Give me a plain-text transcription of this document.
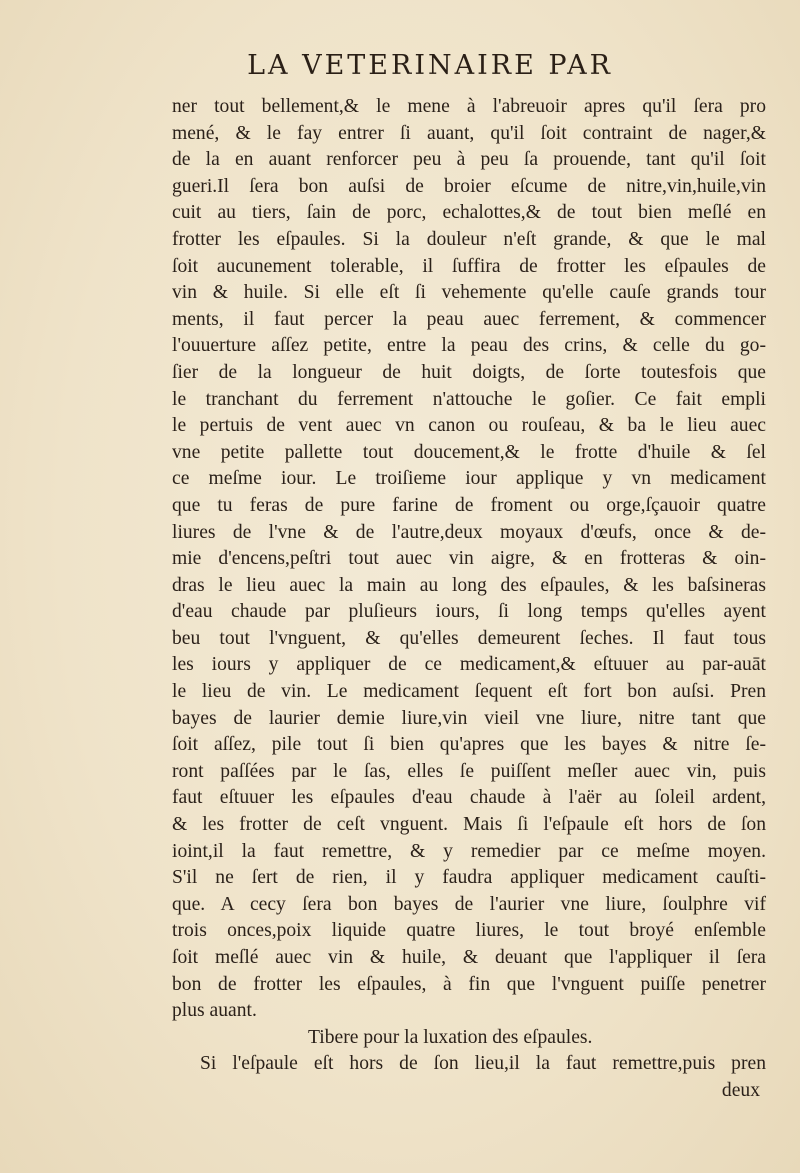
LA VETERINAIRE PAR
ner tout bellement,& le mene à l'abreuoir apres qu'il ſera pro
mené, & le fay entrer ſi auant, qu'il ſoit contraint de nager,&
de la en auant renforcer peu à peu ſa prouende, tant qu'il ſoit
gueri.Il ſera bon auſsi de broier eſcume de nitre,vin,huile,vin
cuit au tiers, ſain de porc, echalottes,& de tout bien meſlé en
frotter les eſpaules. Si la douleur n'eſt grande, & que le mal
ſoit aucunement tolerable, il ſuffira de frotter les eſpaules de
vin & huile. Si elle eſt ſi vehemente qu'elle cauſe grands tour
ments, il faut percer la peau auec ferrement, & commencer
l'ouuerture aſſez petite, entre la peau des crins, & celle du go-
ſier de la longueur de huit doigts, de ſorte toutesfois que
le tranchant du ferrement n'attouche le goſier. Ce fait empli
le pertuis de vent auec vn canon ou rouſeau, & ba le lieu auec
vne petite pallette tout doucement,& le frotte d'huile & ſel
ce meſme iour. Le troiſieme iour applique y vn medicament
que tu feras de pure farine de froment ou orge,ſçauoir quatre
liures de l'vne & de l'autre,deux moyaux d'œufs, once & de-
mie d'encens,peſtri tout auec vin aigre, & en frotteras & oin-
dras le lieu auec la main au long des eſpaules, & les baſsineras
d'eau chaude par pluſieurs iours, ſi long temps qu'elles ayent
beu tout l'vnguent, & qu'elles demeurent ſeches. Il faut tous
les iours y appliquer de ce medicament,& eſtuuer au par-auāt
le lieu de vin. Le medicament ſequent eſt fort bon auſsi. Pren
bayes de laurier demie liure,vin vieil vne liure, nitre tant que
ſoit aſſez, pile tout ſi bien qu'apres que les bayes & nitre ſe-
ront paſſées par le ſas, elles ſe puiſſent meſler auec vin, puis
faut eſtuuer les eſpaules d'eau chaude à l'aër au ſoleil ardent,
& les frotter de ceſt vnguent. Mais ſi l'eſpaule eſt hors de ſon
ioint,il la faut remettre, & y remedier par ce meſme moyen.
S'il ne ſert de rien, il y faudra appliquer medicament cauſti-
que. A cecy ſera bon bayes de l'aurier vne liure, ſoulphre vif
trois onces,poix liquide quatre liures, le tout broyé enſemble
ſoit meſlé auec vin & huile, & deuant que l'appliquer il ſera
bon de frotter les eſpaules, à fin que l'vnguent puiſſe penetrer
plus auant.
Tibere pour la luxation des eſpaules.
Si l'eſpaule eſt hors de ſon lieu,il la faut remettre,puis pren
deux
